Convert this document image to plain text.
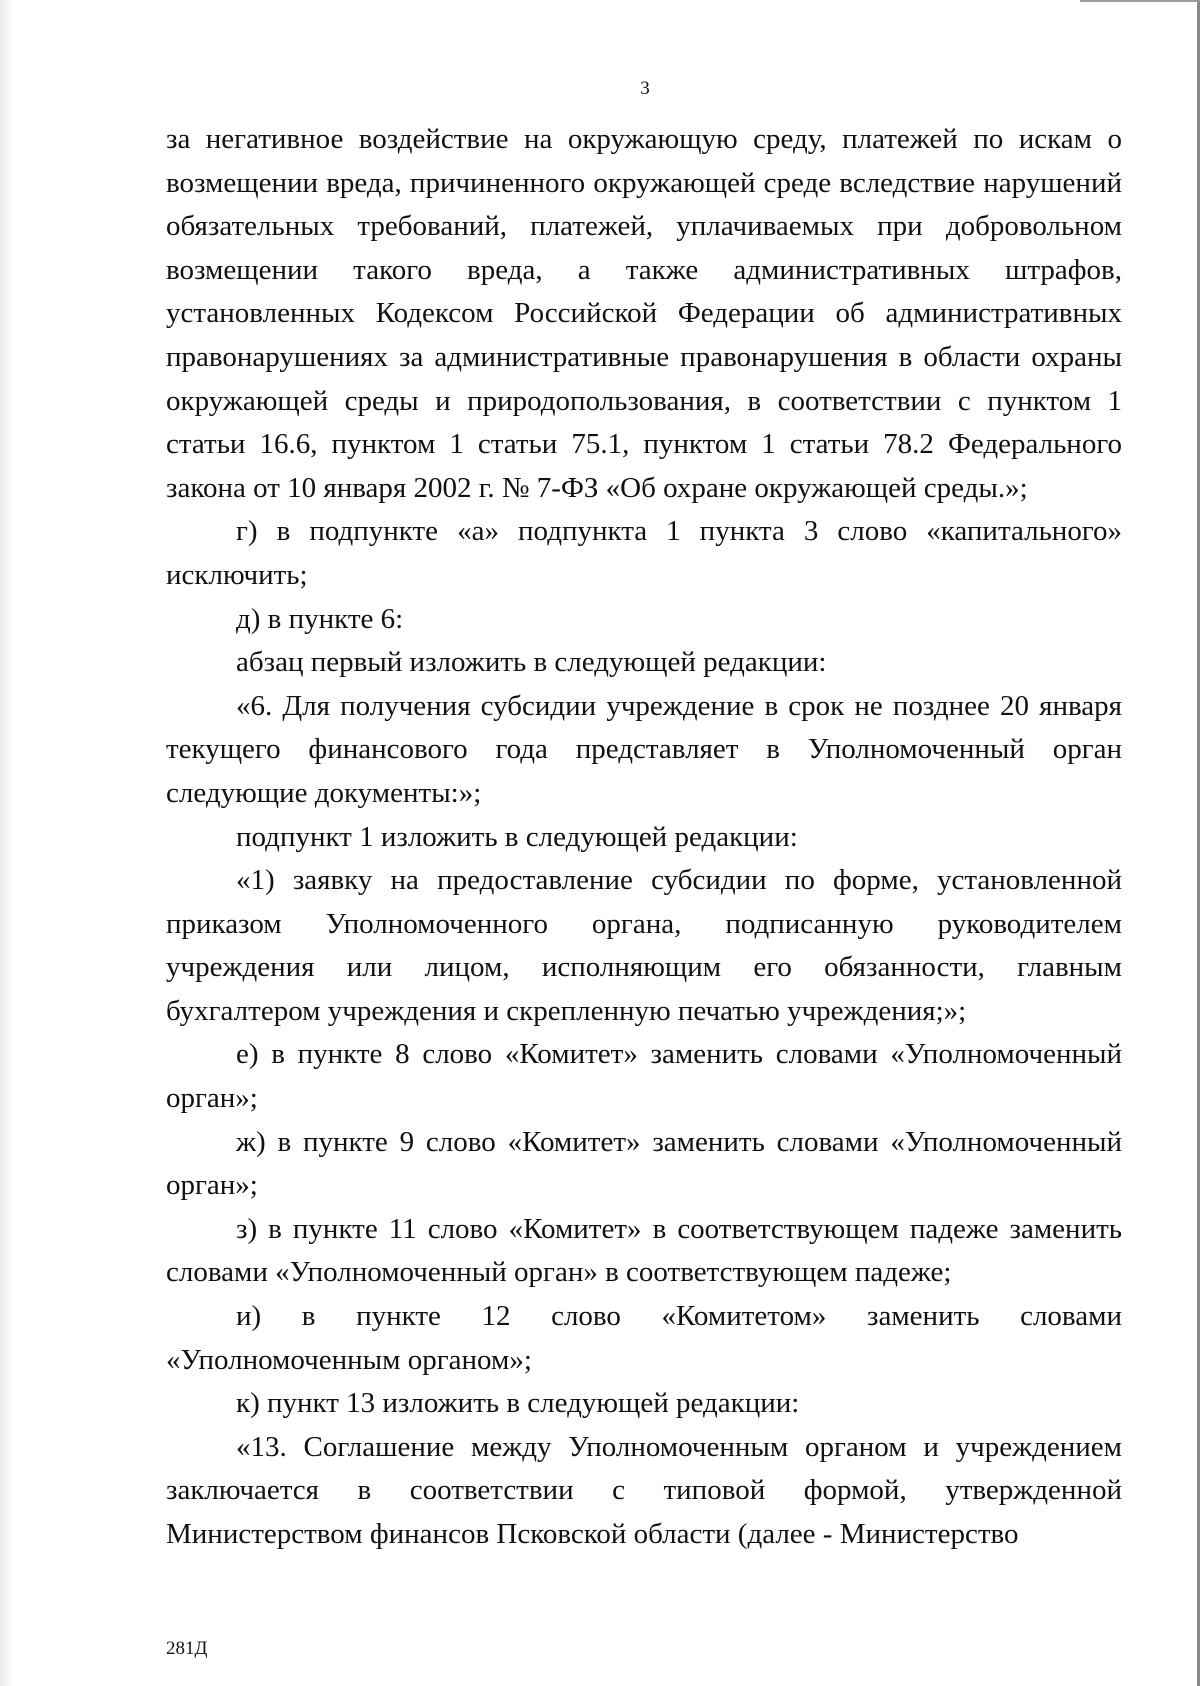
3

за негативное воздействие на окружающую среду, платежей по искам о возмещении вреда, причиненного окружающей среде вследствие нарушений обязательных требований, платежей, уплачиваемых при добровольном возмещении такого вреда, а также административных штрафов, установленных Кодексом Российской Федерации об административных правонарушениях за административные правонарушения в области охраны окружающей среды и природопользования, в соответствии с пунктом 1 статьи 16.6, пунктом 1 статьи 75.1, пунктом 1 статьи 78.2 Федерального закона от 10 января 2002 г. № 7-ФЗ «Об охране окружающей среды.»;

г) в подпункте «а» подпункта 1 пункта 3 слово «капитального» исключить;

д) в пункте 6:

абзац первый изложить в следующей редакции:

«6. Для получения субсидии учреждение в срок не позднее 20 января текущего финансового года представляет в Уполномоченный орган следующие документы:»;

подпункт 1 изложить в следующей редакции:

«1) заявку на предоставление субсидии по форме, установленной приказом Уполномоченного органа, подписанную руководителем учреждения или лицом, исполняющим его обязанности, главным бухгалтером учреждения и скрепленную печатью учреждения;»;

е) в пункте 8 слово «Комитет» заменить словами «Уполномоченный орган»;

ж) в пункте 9 слово «Комитет» заменить словами «Уполномоченный орган»;

з) в пункте 11 слово «Комитет» в соответствующем падеже заменить словами «Уполномоченный орган» в соответствующем падеже;

и) в пункте 12 слово «Комитетом» заменить словами «Уполномоченным органом»;

к) пункт 13 изложить в следующей редакции:

«13. Соглашение между Уполномоченным органом и учреждением заключается в соответствии с типовой формой, утвержденной Министерством финансов Псковской области (далее - Министерство

281Д
